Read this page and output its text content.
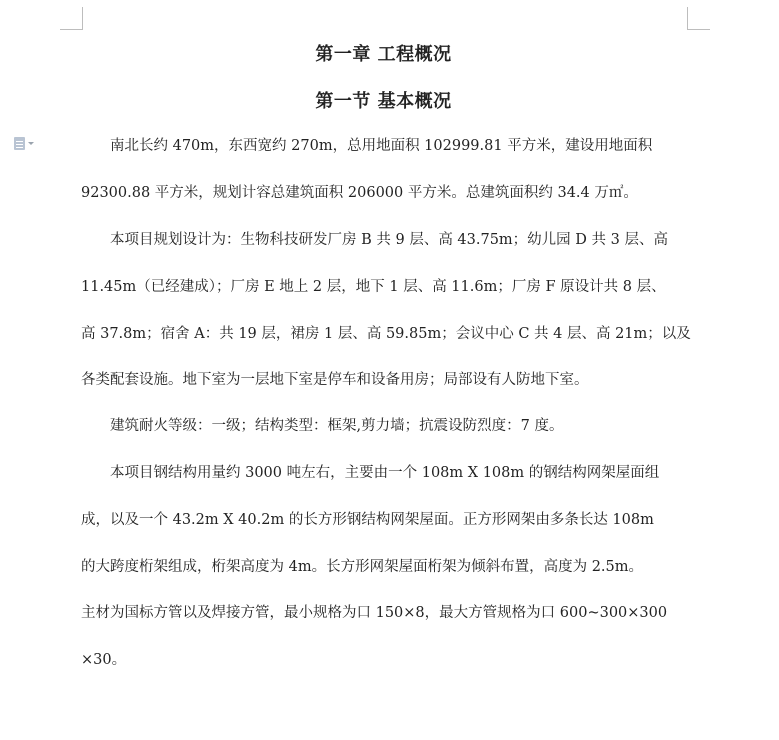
第一章 工程概况
第一节 基本概况
南北长约 470m，东西宽约 270m，总用地面积 102999.81 平方米，建设用地面积
92300.88 平方米，规划计容总建筑面积 206000 平方米。总建筑面积约 34.4 万㎡。
本项目规划设计为：生物科技研发厂房 B 共 9 层、高 43.75m；幼儿园 D 共 3 层、高
11.45m（已经建成）；厂房 E 地上 2 层，地下 1 层、高 11.6m；厂房 F 原设计共 8 层、
高 37.8m；宿舍 A：共 19 层，裙房 1 层、高 59.85m；会议中心 C 共 4 层、高 21m；以及
各类配套设施。地下室为一层地下室是停车和设备用房；局部设有人防地下室。
建筑耐火等级：一级；结构类型：框架,剪力墙；抗震设防烈度：7 度。
本项目钢结构用量约 3000 吨左右，主要由一个 108m X 108m 的钢结构网架屋面组
成，以及一个 43.2m X 40.2m 的长方形钢结构网架屋面。正方形网架由多条长达 108m
的大跨度桁架组成，桁架高度为 4m。长方形网架屋面桁架为倾斜布置，高度为 2.5m。
主材为国标方管以及焊接方管，最小规格为口 150×8，最大方管规格为口 600~300×300
×30。
